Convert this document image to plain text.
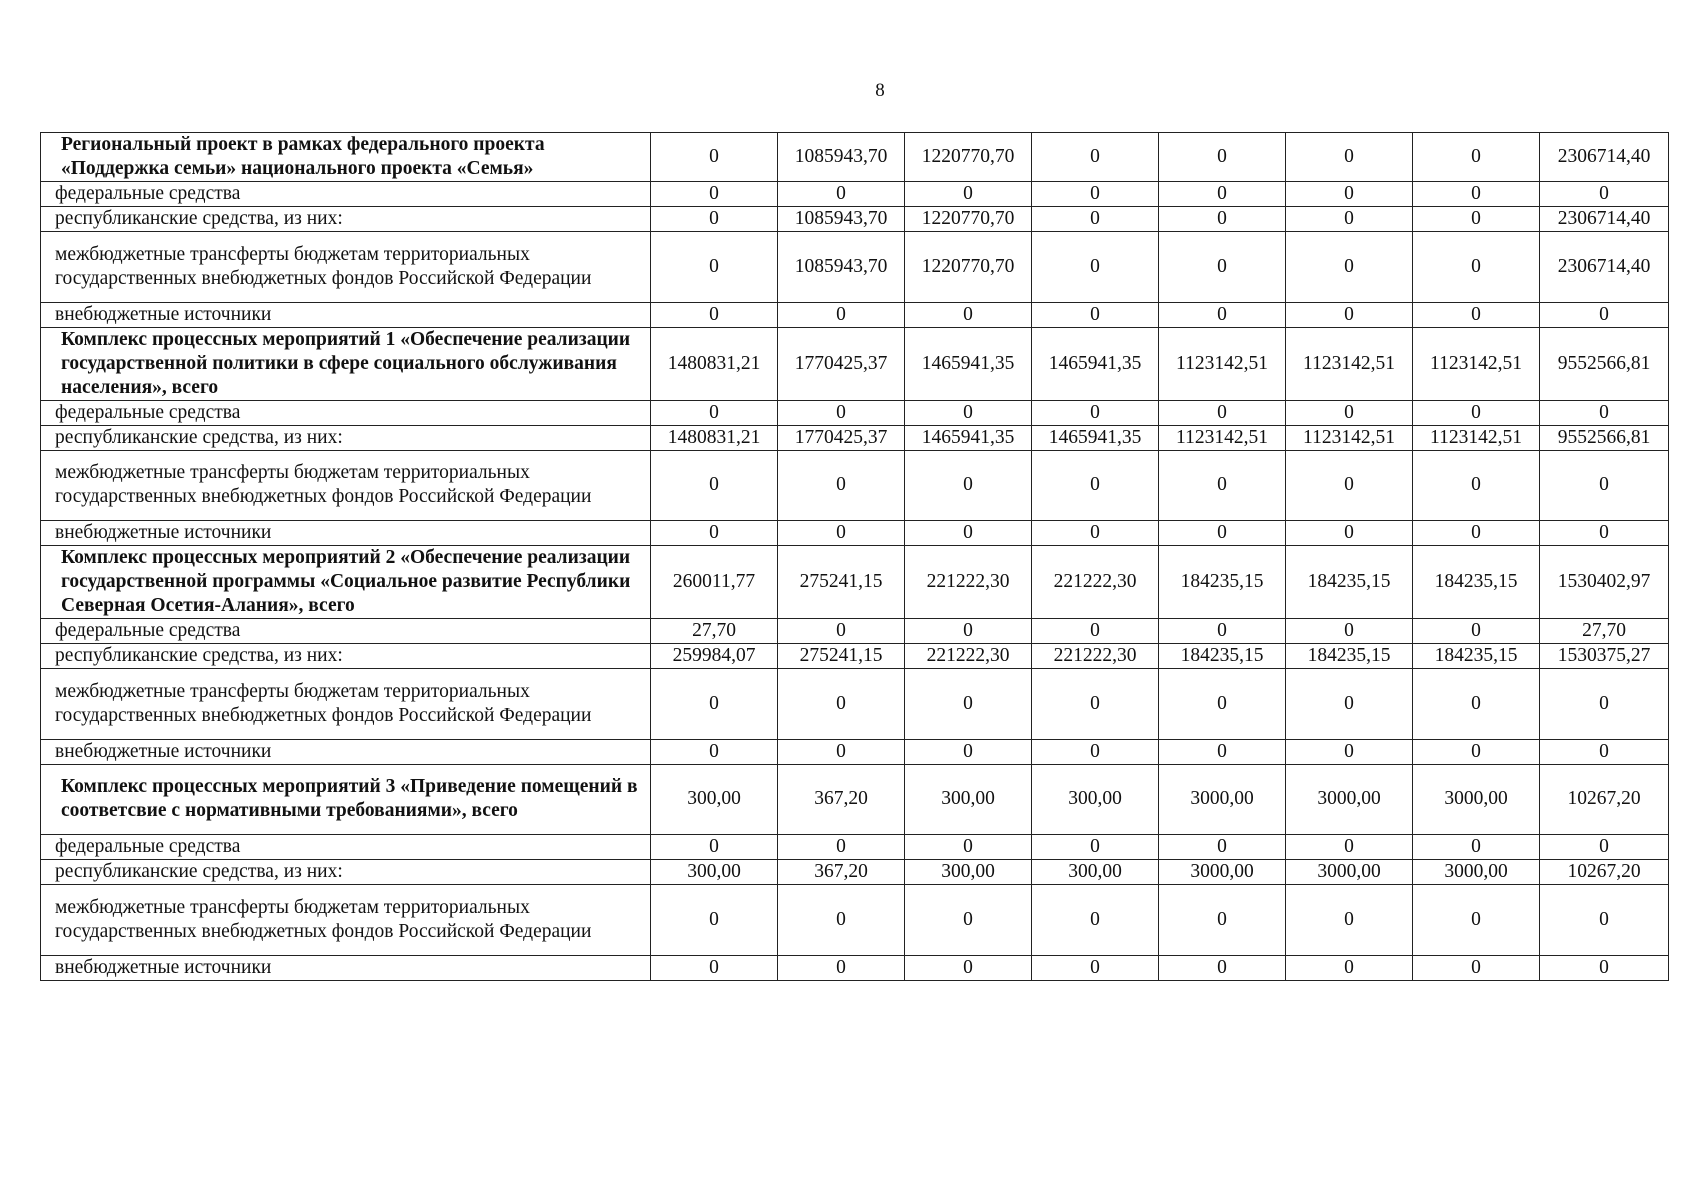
8
Региональный проект в рамках федерального проекта «Поддержка семьи» национального проекта «Семья»	0	1085943,70	1220770,70	0	0	0	0	2306714,40
федеральные средства	0	0	0	0	0	0	0	0
республиканские средства, из них:	0	1085943,70	1220770,70	0	0	0	0	2306714,40
межбюджетные трансферты бюджетам территориальных государственных внебюджетных фондов Российской Федерации	0	1085943,70	1220770,70	0	0	0	0	2306714,40
внебюджетные источники	0	0	0	0	0	0	0	0
Комплекс процессных мероприятий 1 «Обеспечение реализации государственной политики в сфере социального обслуживания населения», всего	1480831,21	1770425,37	1465941,35	1465941,35	1123142,51	1123142,51	1123142,51	9552566,81
федеральные средства	0	0	0	0	0	0	0	0
республиканские средства, из них:	1480831,21	1770425,37	1465941,35	1465941,35	1123142,51	1123142,51	1123142,51	9552566,81
межбюджетные трансферты бюджетам территориальных государственных внебюджетных фондов Российской Федерации	0	0	0	0	0	0	0	0
внебюджетные источники	0	0	0	0	0	0	0	0
Комплекс процессных мероприятий 2 «Обеспечение реализации государственной программы «Социальное развитие Республики Северная Осетия-Алания», всего	260011,77	275241,15	221222,30	221222,30	184235,15	184235,15	184235,15	1530402,97
федеральные средства	27,70	0	0	0	0	0	0	27,70
республиканские средства, из них:	259984,07	275241,15	221222,30	221222,30	184235,15	184235,15	184235,15	1530375,27
межбюджетные трансферты бюджетам территориальных государственных внебюджетных фондов Российской Федерации	0	0	0	0	0	0	0	0
внебюджетные источники	0	0	0	0	0	0	0	0
Комплекс процессных мероприятий 3 «Приведение помещений в соответсвие с нормативными требованиями», всего	300,00	367,20	300,00	300,00	3000,00	3000,00	3000,00	10267,20
федеральные средства	0	0	0	0	0	0	0	0
республиканские средства, из них:	300,00	367,20	300,00	300,00	3000,00	3000,00	3000,00	10267,20
межбюджетные трансферты бюджетам территориальных государственных внебюджетных фондов Российской Федерации	0	0	0	0	0	0	0	0
внебюджетные источники	0	0	0	0	0	0	0	0
